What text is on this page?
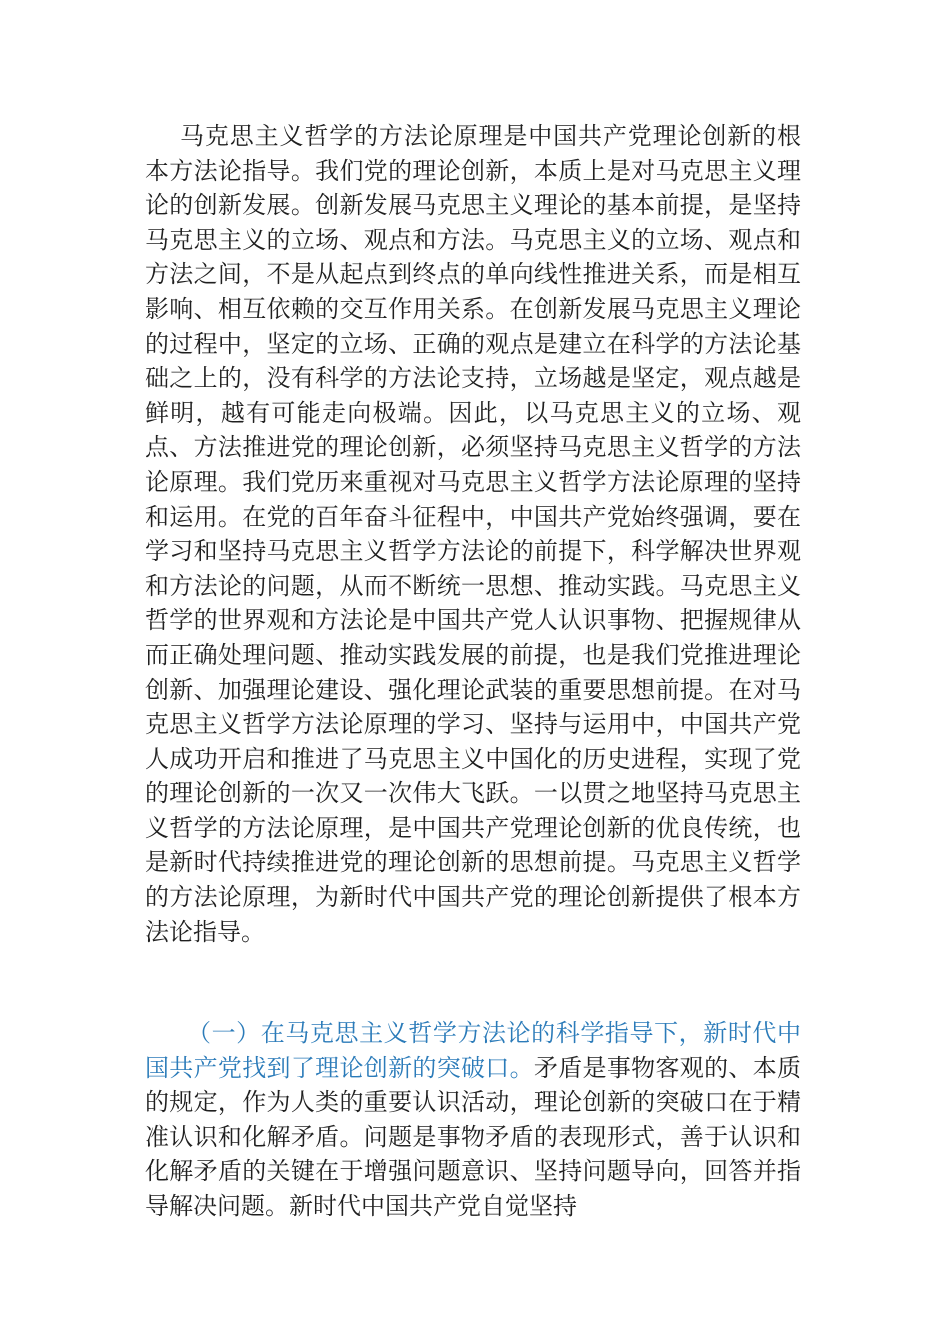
马克思主义哲学的方法论原理是中国共产党理论创新的根本方法论指导。我们党的理论创新，本质上是对马克思主义理论的创新发展。创新发展马克思主义理论的基本前提，是坚持马克思主义的立场、观点和方法。马克思主义的立场、观点和方法之间，不是从起点到终点的单向线性推进关系，而是相互影响、相互依赖的交互作用关系。在创新发展马克思主义理论的过程中，坚定的立场、正确的观点是建立在科学的方法论基础之上的，没有科学的方法论支持，立场越是坚定，观点越是鲜明，越有可能走向极端。因此，以马克思主义的立场、观点、方法推进党的理论创新，必须坚持马克思主义哲学的方法论原理。我们党历来重视对马克思主义哲学方法论原理的坚持和运用。在党的百年奋斗征程中，中国共产党始终强调，要在学习和坚持马克思主义哲学方法论的前提下，科学解决世界观和方法论的问题，从而不断统一思想、推动实践。马克思主义哲学的世界观和方法论是中国共产党人认识事物、把握规律从而正确处理问题、推动实践发展的前提，也是我们党推进理论创新、加强理论建设、强化理论武装的重要思想前提。在对马克思主义哲学方法论原理的学习、坚持与运用中，中国共产党人成功开启和推进了马克思主义中国化的历史进程，实现了党的理论创新的一次又一次伟大飞跃。一以贯之地坚持马克思主义哲学的方法论原理，是中国共产党理论创新的优良传统，也是新时代持续推进党的理论创新的思想前提。马克思主义哲学的方法论原理，为新时代中国共产党的理论创新提供了根本方法论指导。

（一）在马克思主义哲学方法论的科学指导下，新时代中国共产党找到了理论创新的突破口。矛盾是事物客观的、本质的规定，作为人类的重要认识活动，理论创新的突破口在于精准认识和化解矛盾。问题是事物矛盾的表现形式，善于认识和化解矛盾的关键在于增强问题意识、坚持问题导向，回答并指导解决问题。新时代中国共产党自觉坚持
